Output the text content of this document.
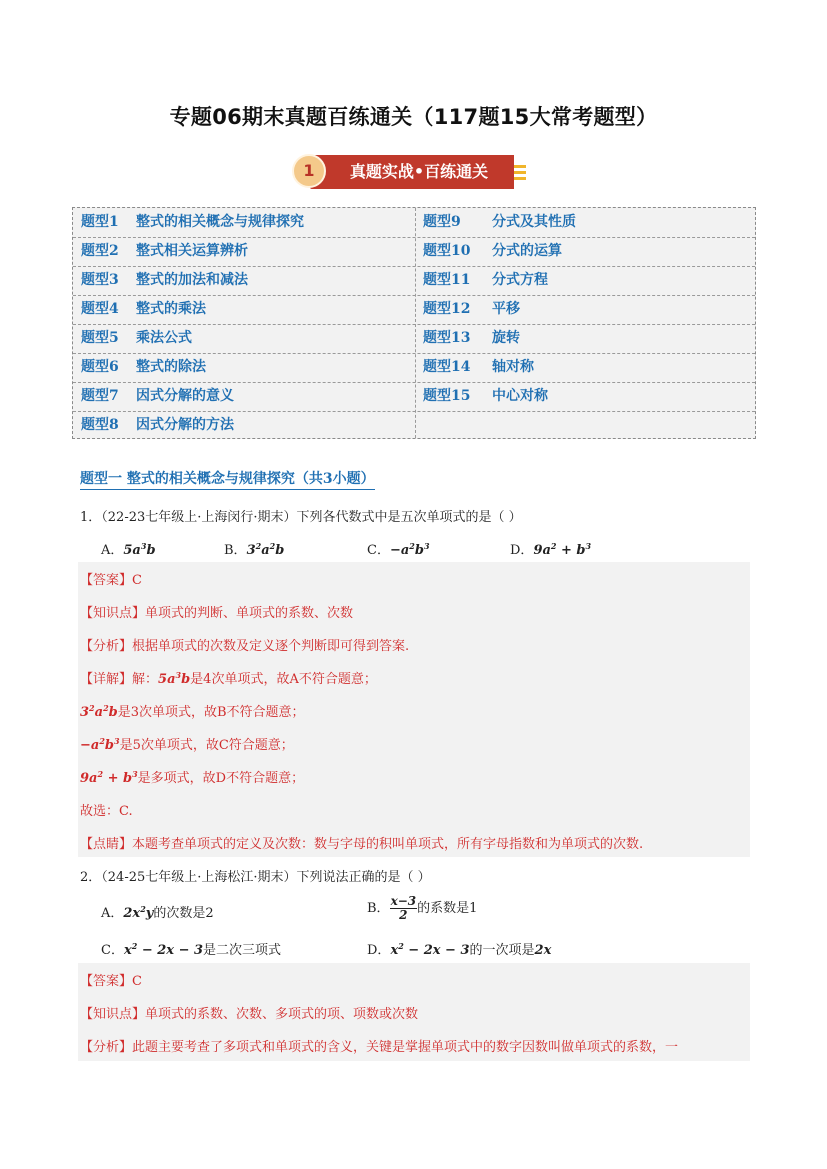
专题06期末真题百练通关（117题15大常考题型）
1	真题实战•百练通关
题型1 整式的相关概念与规律探究	题型9 分式及其性质
题型2 整式相关运算辨析	题型10 分式的运算
题型3 整式的加法和减法	题型11 分式方程
题型4 整式的乘法	题型12 平移
题型5 乘法公式	题型13 旋转
题型6 整式的除法	题型14 轴对称
题型7 因式分解的意义	题型15 中心对称
题型8 因式分解的方法
题型一 整式的相关概念与规律探究（共3小题）
1．（22-23七年级上·上海闵行·期末）下列各代数式中是五次单项式的是（ ）
A．$5a^3b$	B．$3^2a^2b$	C．$-a^2b^3$	D．$9a^2 + b^3$
【答案】C
【知识点】单项式的判断、单项式的系数、次数
【分析】根据单项式的次数及定义逐个判断即可得到答案.
【详解】解：$5a^3b$是4次单项式，故A不符合题意；
$3^2a^2b$是3次单项式，故B不符合题意；
$-a^2b^3$是5次单项式，故C符合题意；
$9a^2 + b^3$是多项式，故D不符合题意；
故选：C.
【点睛】本题考查单项式的定义及次数：数与字母的积叫单项式，所有字母指数和为单项式的次数.
2．（24-25七年级上·上海松江·期末）下列说法正确的是（ ）
A．$2x^2y$的次数是2	B． $\frac{x-3}{2}$ 的系数是1
C．$x^2 - 2x - 3$是二次三项式	D．$x^2 - 2x - 3$的一次项是2x
【答案】C
【知识点】单项式的系数、次数、多项式的项、项数或次数
【分析】此题主要考查了多项式和单项式的含义，关键是掌握单项式中的数字因数叫做单项式的系数，一
